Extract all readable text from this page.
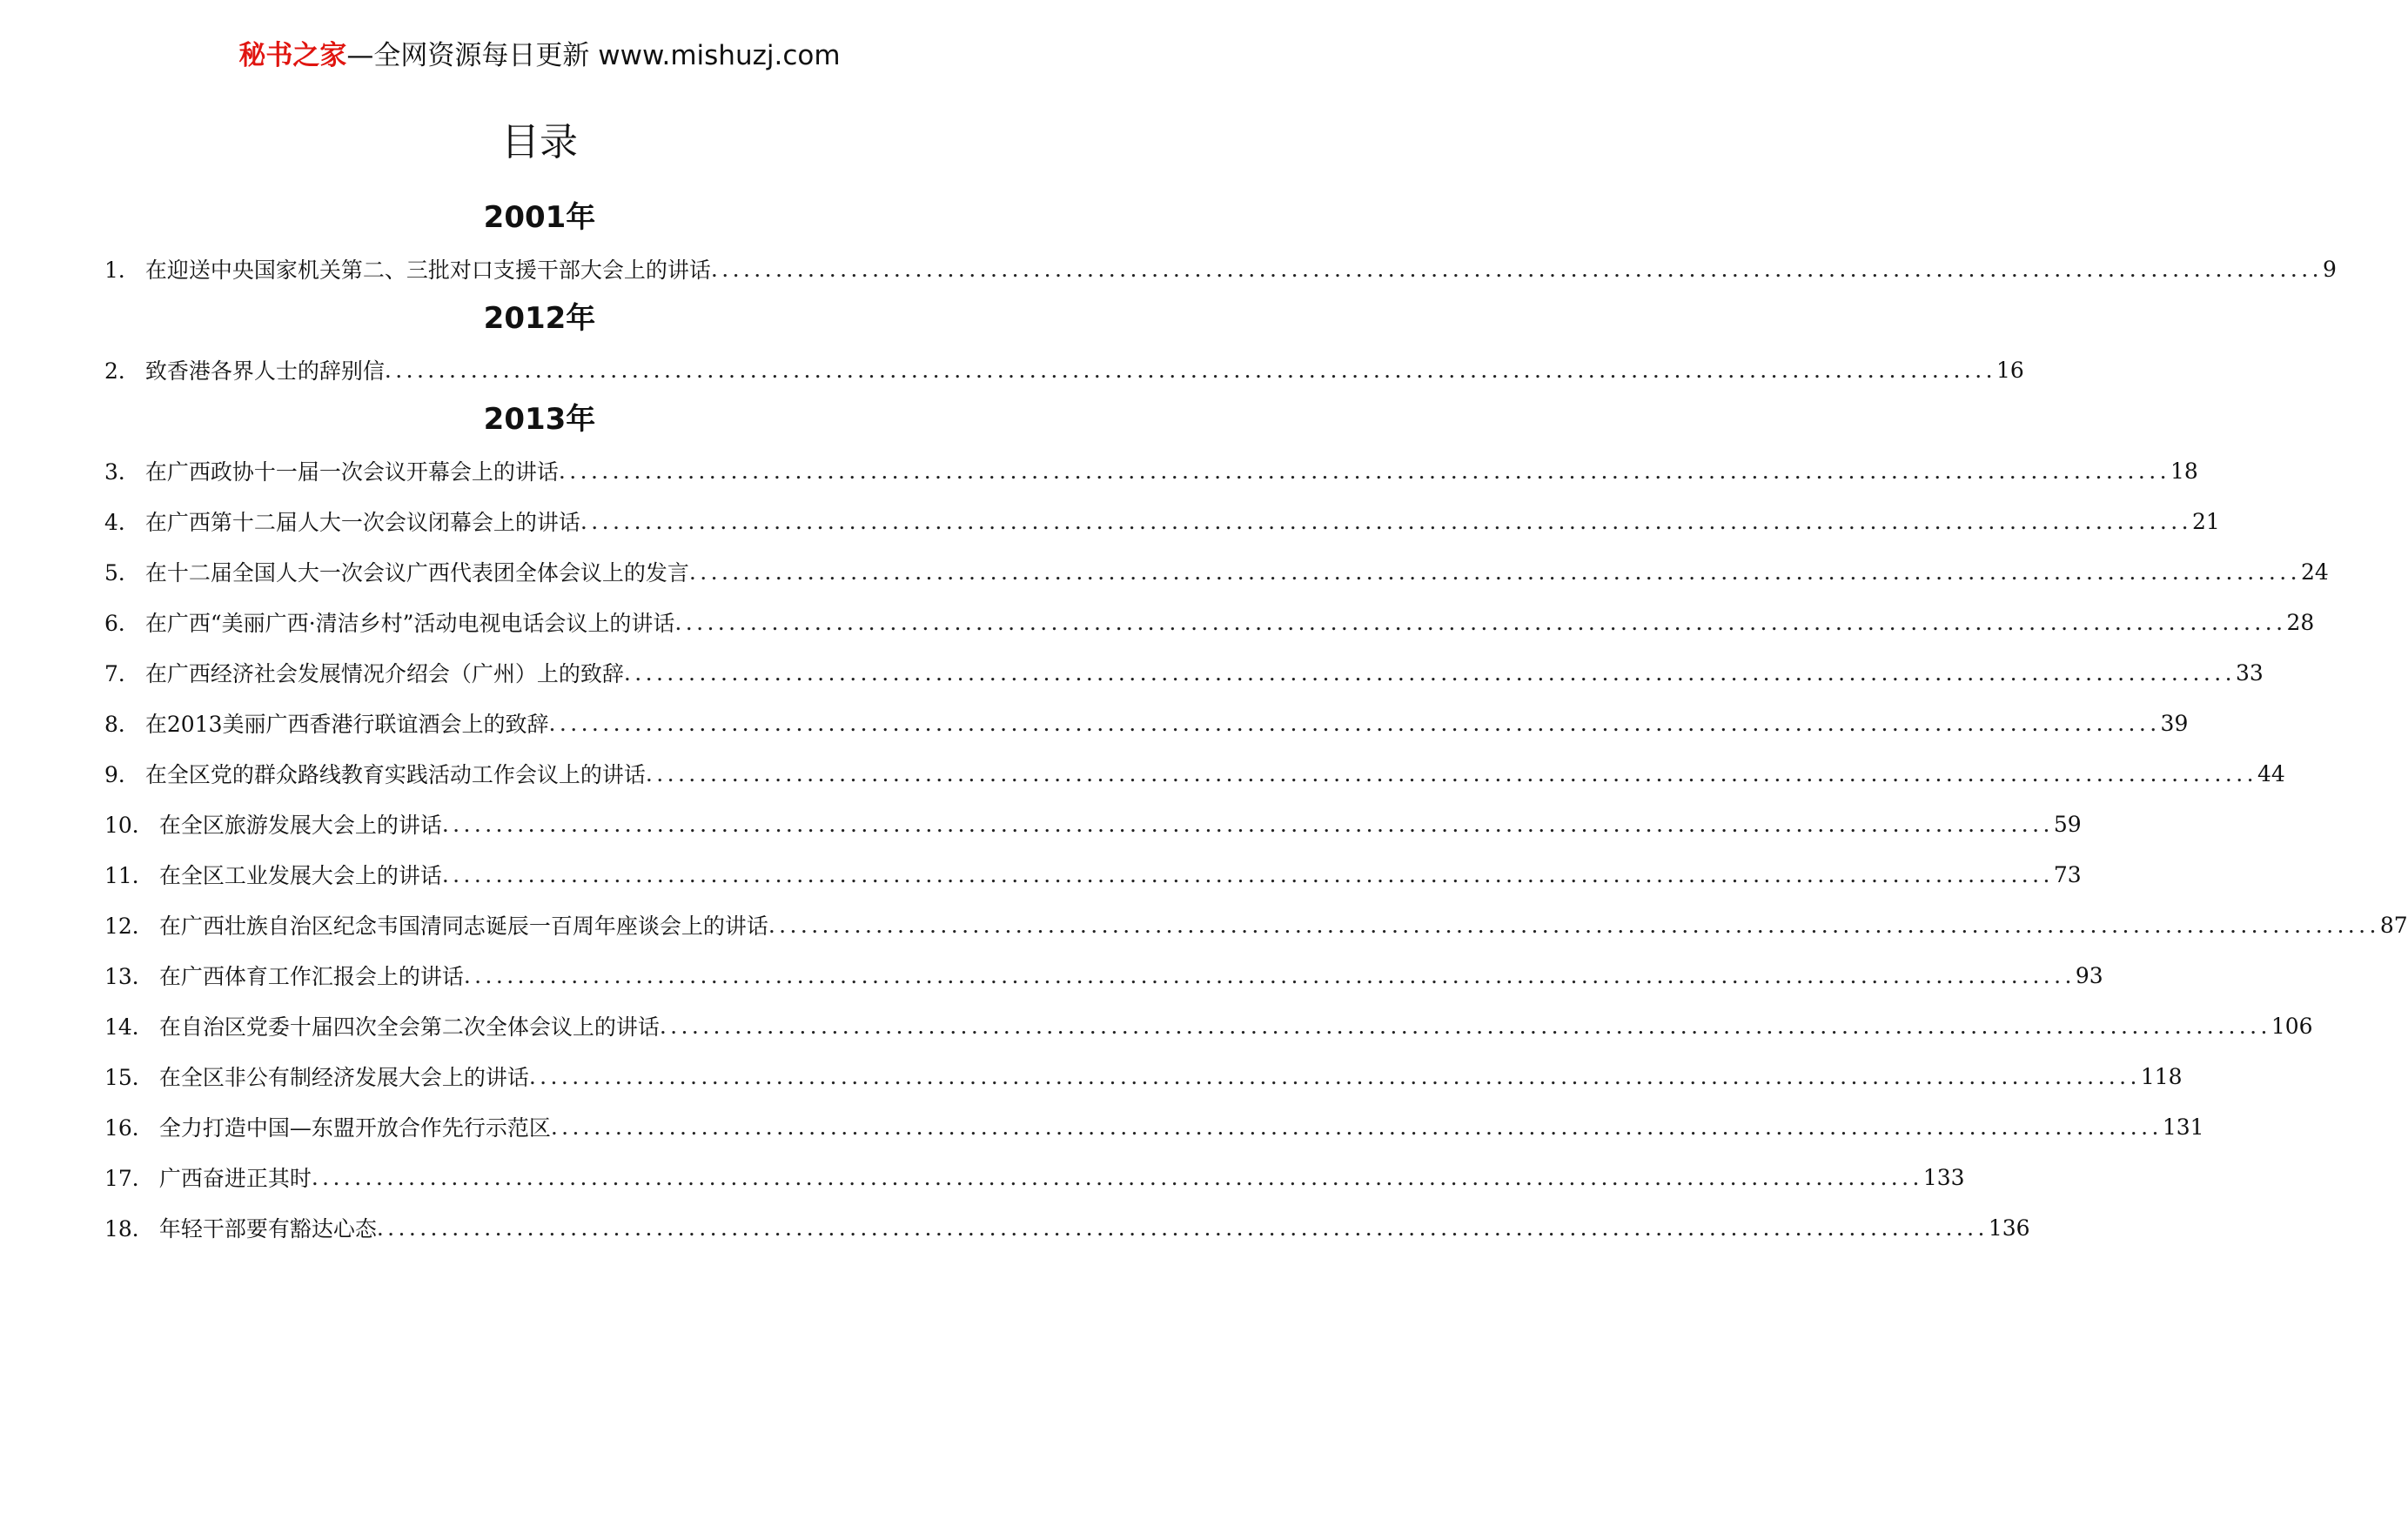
秘书之家—全网资源每日更新 www.mishuzj.com
目录
2001年
2012年
2013年
1． 在迎送中央国家机关第二、三批对口支援干部大会上的讲话 ...................................................................................................................................................... 9
2． 致香港各界人士的辞别信 ...................................................................................................................................................... 16
3． 在广西政协十一届一次会议开幕会上的讲话 ...................................................................................................................................................... 18
4． 在广西第十二届人大一次会议闭幕会上的讲话 ...................................................................................................................................................... 21
5． 在十二届全国人大一次会议广西代表团全体会议上的发言 ...................................................................................................................................................... 24
6． 在广西“美丽广西·清洁乡村”活动电视电话会议上的讲话 ...................................................................................................................................................... 28
7． 在广西经济社会发展情况介绍会（广州）上的致辞 ...................................................................................................................................................... 33
8． 在2013美丽广西香港行联谊酒会上的致辞 ...................................................................................................................................................... 39
9． 在全区党的群众路线教育实践活动工作会议上的讲话 ...................................................................................................................................................... 44
10． 在全区旅游发展大会上的讲话 ...................................................................................................................................................... 59
11． 在全区工业发展大会上的讲话 ...................................................................................................................................................... 73
12． 在广西壮族自治区纪念韦国清同志诞辰一百周年座谈会上的讲话 ...................................................................................................................................................... 87
13． 在广西体育工作汇报会上的讲话 ...................................................................................................................................................... 93
14． 在自治区党委十届四次全会第二次全体会议上的讲话 ...................................................................................................................................................... 106
15． 在全区非公有制经济发展大会上的讲话 ...................................................................................................................................................... 118
16． 全力打造中国—东盟开放合作先行示范区 ...................................................................................................................................................... 131
17． 广西奋进正其时 ...................................................................................................................................................... 133
18． 年轻干部要有豁达心态 ...................................................................................................................................................... 136
